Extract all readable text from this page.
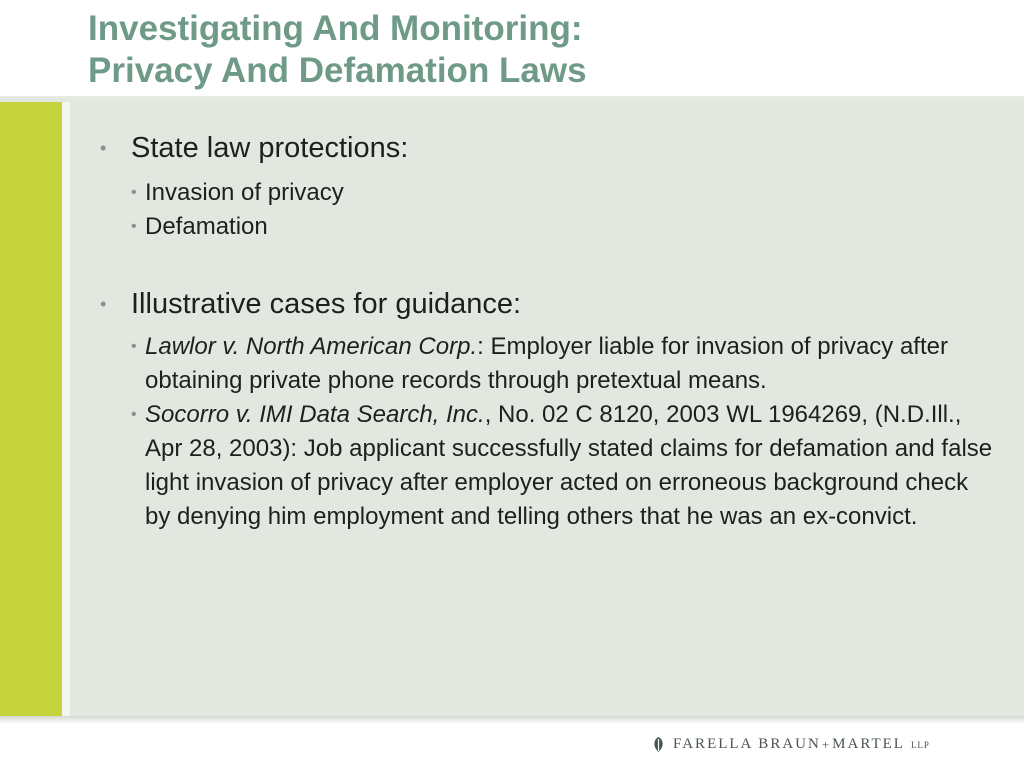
Investigating And Monitoring:
Privacy And Defamation Laws
• State law protections:
• Invasion of privacy
• Defamation
• Illustrative cases for guidance:
• Lawlor v. North American Corp.: Employer liable for invasion of privacy after obtaining private phone records through pretextual means.
• Socorro v. IMI Data Search, Inc., No. 02 C 8120, 2003 WL 1964269, (N.D.Ill., Apr 28, 2003): Job applicant successfully stated claims for defamation and false light invasion of privacy after employer acted on erroneous background check by denying him employment and telling others that he was an ex-convict.
FARELLA BRAUN + MARTEL LLP
